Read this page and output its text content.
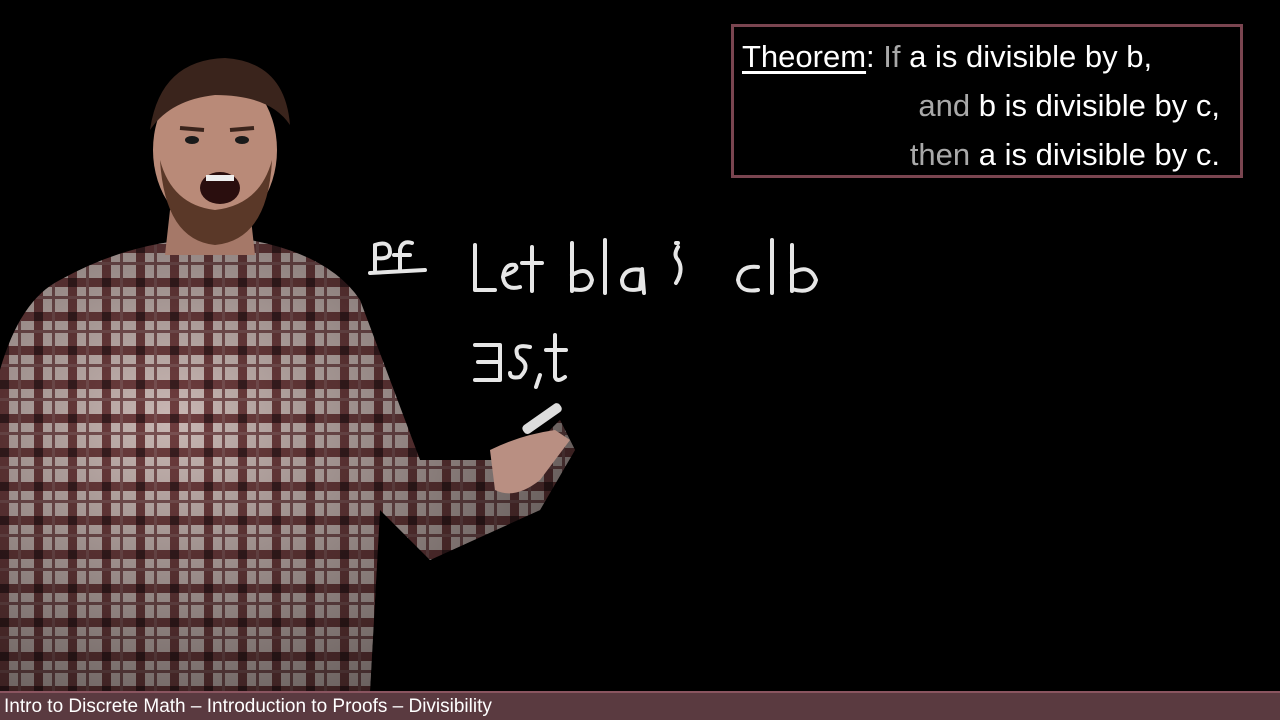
Theorem: If a is divisible by b,
and b is divisible by c,
then a is divisible by c.
Intro to Discrete Math – Introduction to Proofs – Divisibility
